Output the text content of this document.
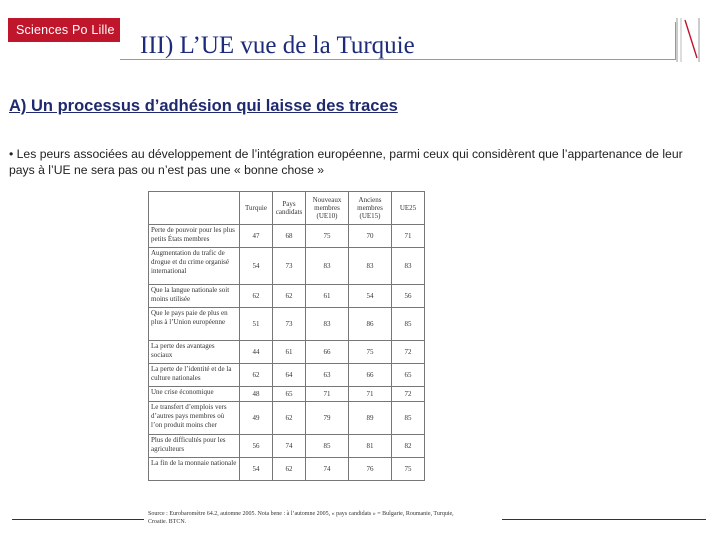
Sciences Po Lille
III) L’UE vue de la Turquie
A) Un processus d’adhésion qui laisse des traces
• Les peurs associées au développement de l’intégration européenne, parmi ceux qui considèrent que l’appartenance de leur pays à l’UE ne sera pas ou n’est pas une « bonne chose »
	Turquie	Pays candidats	Nouveaux membres (UE10)	Anciens membres (UE15)	UE25
Perte de pouvoir pour les plus petits États membres	47	68	75	70	71
Augmentation du trafic de drogue et du crime organisé international	54	73	83	83	83
Que la langue nationale soit moins utilisée	62	62	61	54	56
Que le pays paie de plus en plus à l’Union européenne	51	73	83	86	85
La perte des avantages sociaux	44	61	66	75	72
La perte de l’identité et de la culture nationales	62	64	63	66	65
Une crise économique	48	65	71	71	72
Le transfert d’emplois vers d’autres pays membres où l’on produit moins cher	49	62	79	89	85
Plus de difficultés pour les agriculteurs	56	74	85	81	82
La fin de la monnaie nationale	54	62	74	76	75
Source : Eurobaromètre 64.2, automne 2005. Nota bene : à l’automne 2005, « pays candidats » = Bulgarie, Roumanie, Turquie, Croatie. BTCN.
